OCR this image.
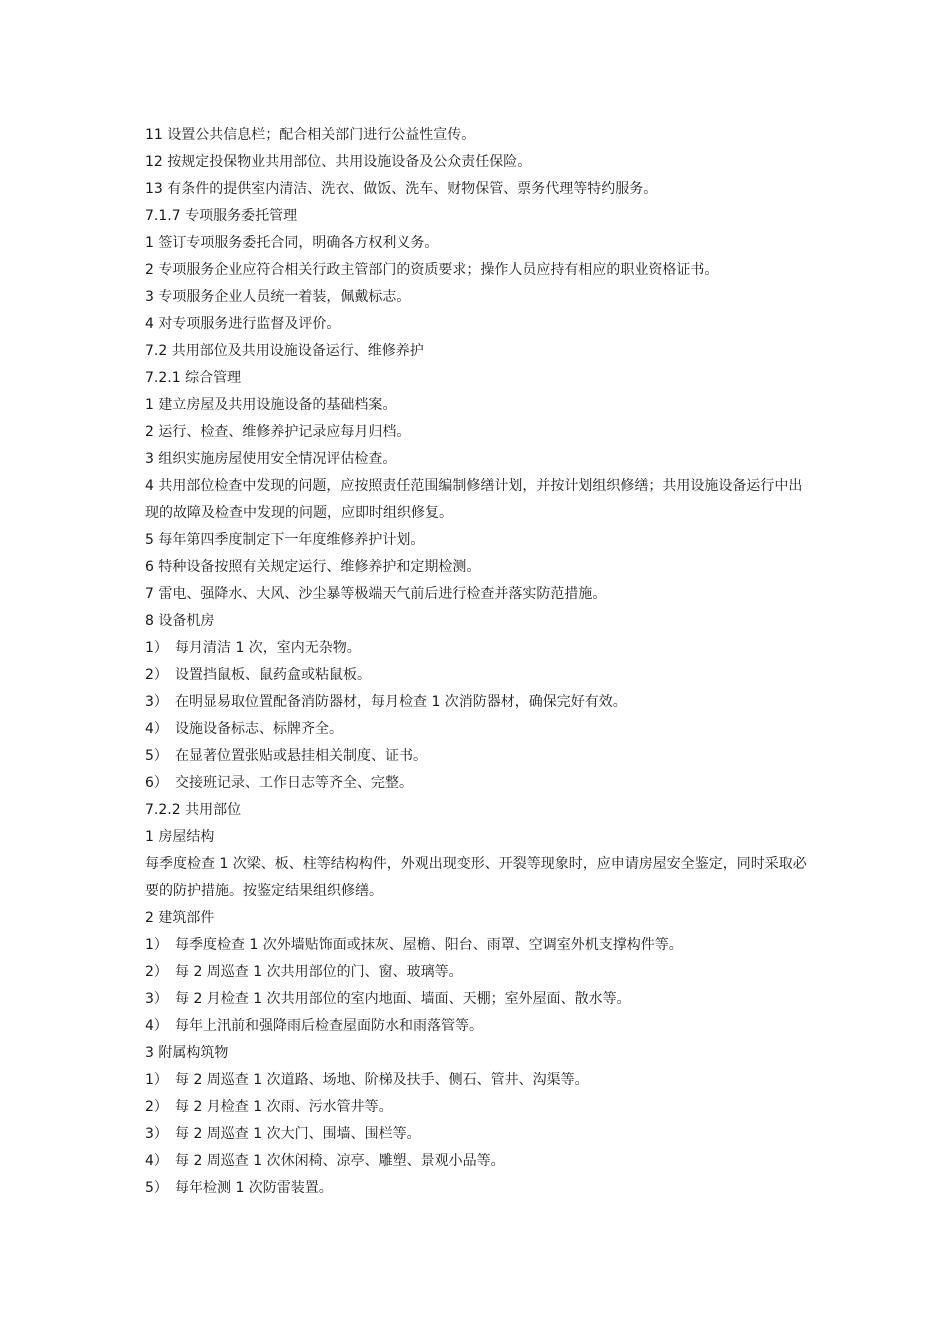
11 设置公共信息栏；配合相关部门进行公益性宣传。
12 按规定投保物业共用部位、共用设施设备及公众责任保险。
13 有条件的提供室内清洁、洗衣、做饭、洗车、财物保管、票务代理等特约服务。
7.1.7 专项服务委托管理
1 签订专项服务委托合同，明确各方权利义务。
2 专项服务企业应符合相关行政主管部门的资质要求；操作人员应持有相应的职业资格证书。
3 专项服务企业人员统一着装，佩戴标志。
4 对专项服务进行监督及评价。
7.2 共用部位及共用设施设备运行、维修养护
7.2.1 综合管理
1 建立房屋及共用设施设备的基础档案。
2 运行、检查、维修养护记录应每月归档。
3 组织实施房屋使用安全情况评估检查。
4 共用部位检查中发现的问题，应按照责任范围编制修缮计划，并按计划组织修缮；共用设施设备运行中出现的故障及检查中发现的问题，应即时组织修复。
5 每年第四季度制定下一年度维修养护计划。
6 特种设备按照有关规定运行、维修养护和定期检测。
7 雷电、强降水、大风、沙尘暴等极端天气前后进行检查并落实防范措施。
8 设备机房
1） 每月清洁 1 次，室内无杂物。
2） 设置挡鼠板、鼠药盒或粘鼠板。
3） 在明显易取位置配备消防器材，每月检查 1 次消防器材，确保完好有效。
4） 设施设备标志、标牌齐全。
5） 在显著位置张贴或悬挂相关制度、证书。
6） 交接班记录、工作日志等齐全、完整。
7.2.2 共用部位
1 房屋结构
每季度检查 1 次梁、板、柱等结构构件，外观出现变形、开裂等现象时，应申请房屋安全鉴定，同时采取必要的防护措施。按鉴定结果组织修缮。
2 建筑部件
1） 每季度检查 1 次外墙贴饰面或抹灰、屋檐、阳台、雨罩、空调室外机支撑构件等。
2） 每 2 周巡查 1 次共用部位的门、窗、玻璃等。
3） 每 2 月检查 1 次共用部位的室内地面、墙面、天棚；室外屋面、散水等。
4） 每年上汛前和强降雨后检查屋面防水和雨落管等。
3 附属构筑物
1） 每 2 周巡查 1 次道路、场地、阶梯及扶手、侧石、管井、沟渠等。
2） 每 2 月检查 1 次雨、污水管井等。
3） 每 2 周巡查 1 次大门、围墙、围栏等。
4） 每 2 周巡查 1 次休闲椅、凉亭、雕塑、景观小品等。
5） 每年检测 1 次防雷装置。
